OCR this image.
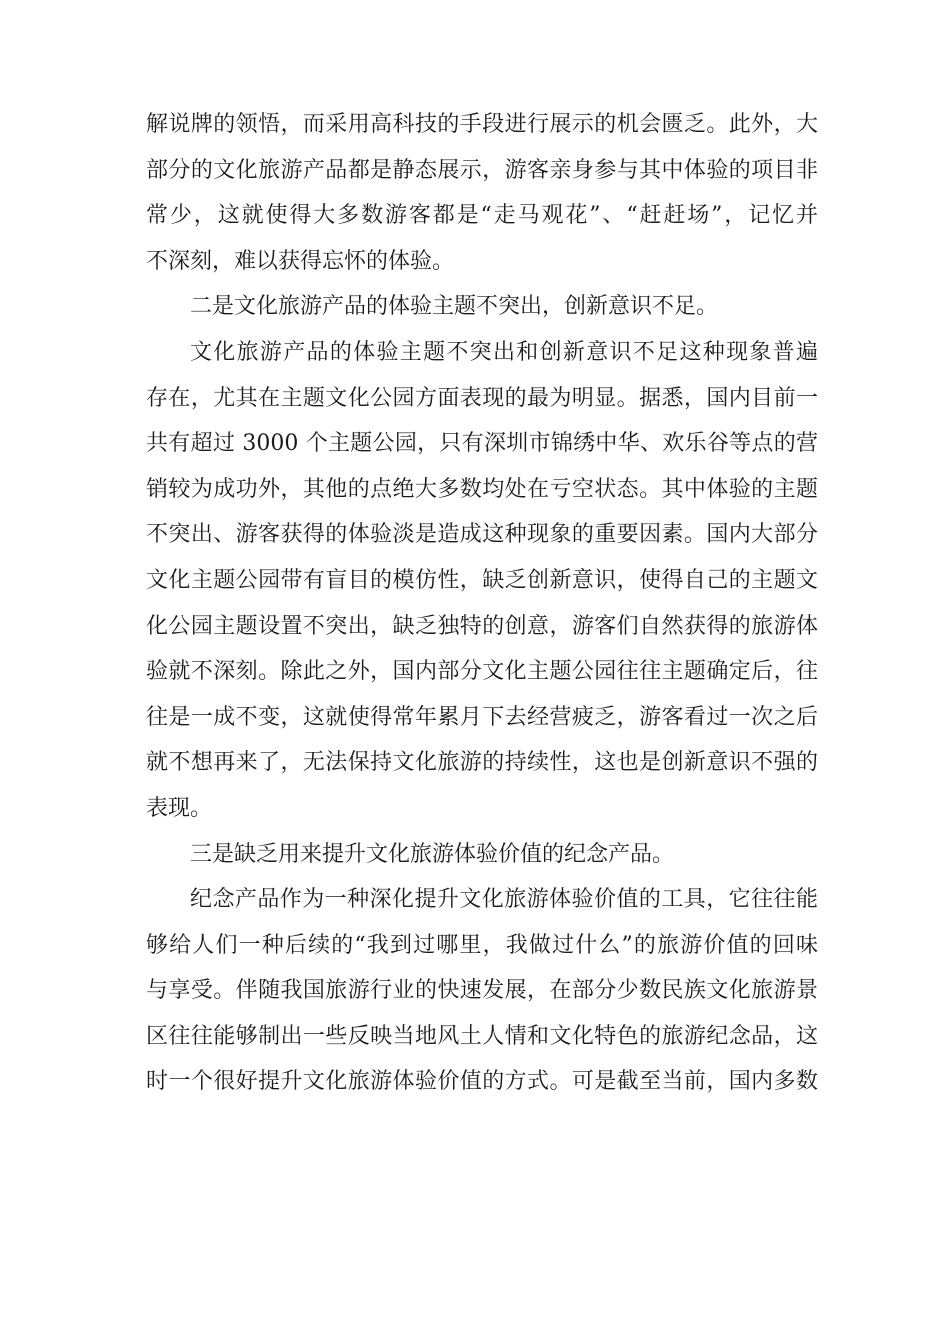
解说牌的领悟，而采用高科技的手段进行展示的机会匮乏。此外，大
部分的文化旅游产品都是静态展示，游客亲身参与其中体验的项目非
常少，这就使得大多数游客都是“走马观花”、“赶赶场”，记忆并
不深刻，难以获得忘怀的体验。
二是文化旅游产品的体验主题不突出，创新意识不足。
文化旅游产品的体验主题不突出和创新意识不足这种现象普遍
存在，尤其在主题文化公园方面表现的最为明显。据悉，国内目前一
共有超过 3000 个主题公园，只有深圳市锦绣中华、欢乐谷等点的营
销较为成功外，其他的点绝大多数均处在亏空状态。其中体验的主题
不突出、游客获得的体验淡是造成这种现象的重要因素。国内大部分
文化主题公园带有盲目的模仿性，缺乏创新意识，使得自己的主题文
化公园主题设置不突出，缺乏独特的创意，游客们自然获得的旅游体
验就不深刻。除此之外，国内部分文化主题公园往往主题确定后，往
往是一成不变，这就使得常年累月下去经营疲乏，游客看过一次之后
就不想再来了，无法保持文化旅游的持续性，这也是创新意识不强的
表现。
三是缺乏用来提升文化旅游体验价值的纪念产品。
纪念产品作为一种深化提升文化旅游体验价值的工具，它往往能
够给人们一种后续的“我到过哪里，我做过什么”的旅游价值的回味
与享受。伴随我国旅游行业的快速发展，在部分少数民族文化旅游景
区往往能够制出一些反映当地风土人情和文化特色的旅游纪念品，这
时一个很好提升文化旅游体验价值的方式。可是截至当前，国内多数
